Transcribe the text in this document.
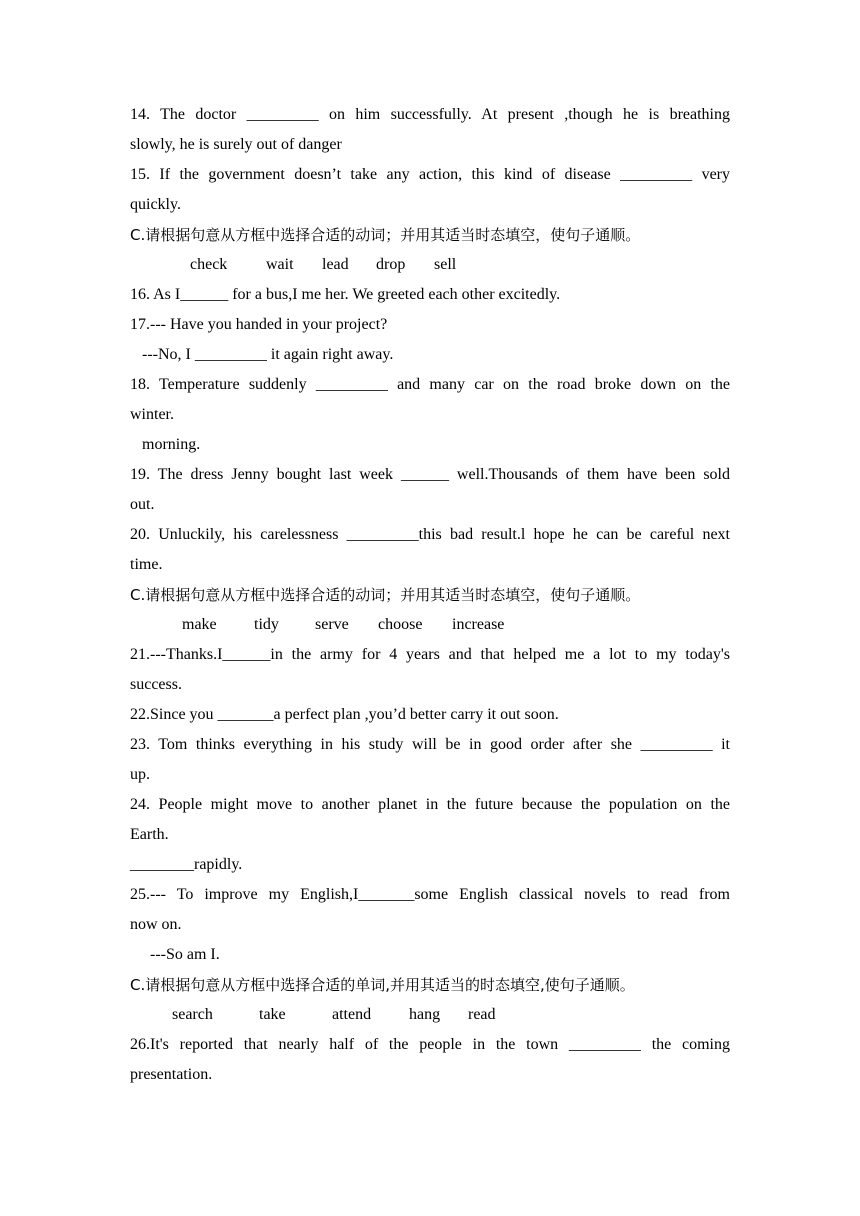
14. The doctor _________ on him successfully. At present ,though he is breathing
slowly, he is surely out of danger
15. If the government doesn’t take any action, this kind of disease _________ very
quickly.
C.请根据句意从方框中选择合适的动词；并用其适当时态填空，使句子通顺。
check wait lead drop sell
16. As I______ for a bus,I me her. We greeted each other excitedly.
17.--- Have you handed in your project?
---No, I _________ it again right away.
18. Temperature suddenly _________ and many car on the road broke down on the
winter.
morning.
19. The dress Jenny bought last week ______ well.Thousands of them have been sold
out.
20. Unluckily, his carelessness _________this bad result.l hope he can be careful next
time.
C.请根据句意从方框中选择合适的动词；并用其适当时态填空，使句子通顺。
make tidy serve choose increase
21.---Thanks.I______in the army for 4 years and that helped me a lot to my today's
success.
22.Since you _______a perfect plan ,you’d better carry it out soon.
23. Tom thinks everything in his study will be in good order after she _________ it
up.
24. People might move to another planet in the future because the population on the
Earth.
________rapidly.
25.--- To improve my English,I_______some English classical novels to read from
now on.
---So am I.
C.请根据句意从方框中选择合适的单词,并用其适当的时态填空,使句子通顺。
search	take	attend hang read
26.It's reported that nearly half of the people in the town _________ the coming
presentation.
